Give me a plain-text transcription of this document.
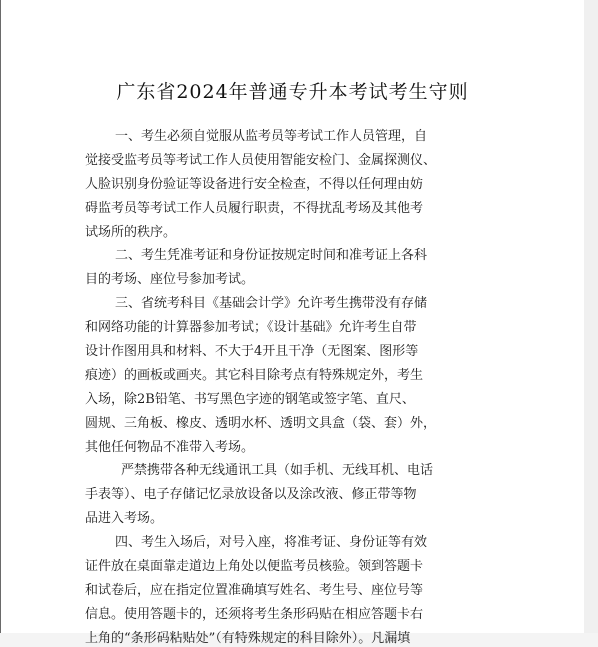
广东省2024年普通专升本考试考生守则

一、考生必须自觉服从监考员等考试工作人员管理，自

觉接受监考员等考试工作人员使用智能安检门、金属探测仪、

人脸识别身份验证等设备进行安全检查，不得以任何理由妨

碍监考员等考试工作人员履行职责，不得扰乱考场及其他考

试场所的秩序。

二、考生凭准考证和身份证按规定时间和准考证上各科

目的考场、座位号参加考试。

三、省统考科目《基础会计学》允许考生携带没有存储

和网络功能的计算器参加考试；《设计基础》允许考生自带

设计作图用具和材料、不大于4开且干净（无图案、图形等

痕迹）的画板或画夹。其它科目除考点有特殊规定外，考生

入场，除2B铅笔、书写黑色字迹的钢笔或签字笔、直尺、

圆规、三角板、橡皮、透明水杯、透明文具盒（袋、套）外，

其他任何物品不准带入考场。

严禁携带各种无线通讯工具（如手机、无线耳机、电话

手表等）、电子存储记忆录放设备以及涂改液、修正带等物

品进入考场。

四、考生入场后，对号入座，将准考证、身份证等有效

证件放在桌面靠走道边上角处以便监考员核验。领到答题卡

和试卷后，应在指定位置准确填写姓名、考生号、座位号等

信息。使用答题卡的，还须将考生条形码贴在相应答题卡右

上角的“条形码粘贴处”（有特殊规定的科目除外）。凡漏填
